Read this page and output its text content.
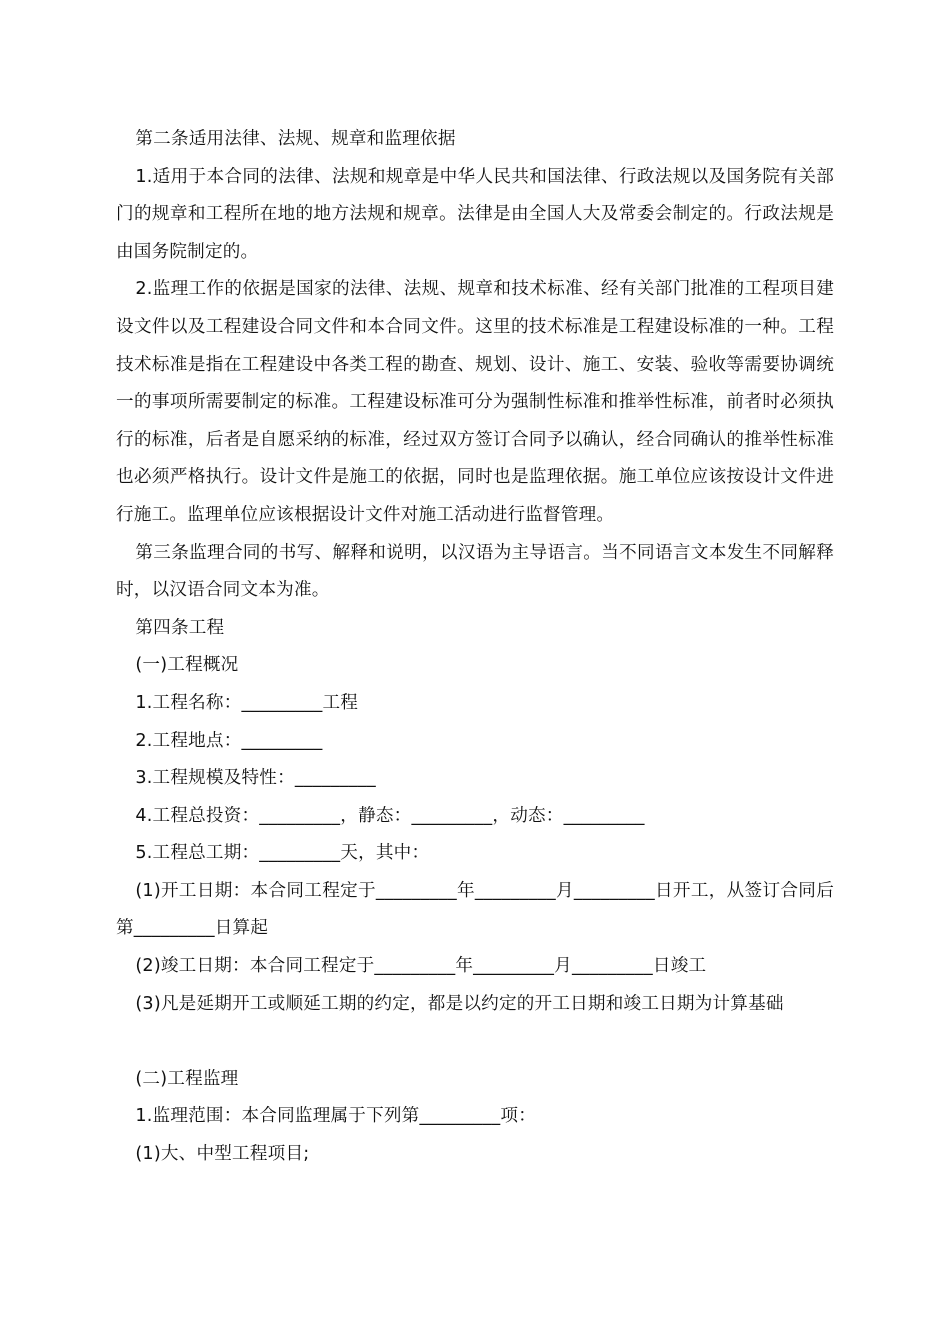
第二条适用法律、法规、规章和监理依据

1.适用于本合同的法律、法规和规章是中华人民共和国法律、行政法规以及国务院有关部门的规章和工程所在地的地方法规和规章。法律是由全国人大及常委会制定的。行政法规是由国务院制定的。

2.监理工作的依据是国家的法律、法规、规章和技术标准、经有关部门批准的工程项目建设文件以及工程建设合同文件和本合同文件。这里的技术标准是工程建设标准的一种。工程技术标准是指在工程建设中各类工程的勘查、规划、设计、施工、安装、验收等需要协调统一的事项所需要制定的标准。工程建设标准可分为强制性标准和推举性标准，前者时必须执行的标准，后者是自愿采纳的标准，经过双方签订合同予以确认，经合同确认的推举性标准也必须严格执行。设计文件是施工的依据，同时也是监理依据。施工单位应该按设计文件进行施工。监理单位应该根据设计文件对施工活动进行监督管理。

第三条监理合同的书写、解释和说明，以汉语为主导语言。当不同语言文本发生不同解释时，以汉语合同文本为准。

第四条工程

(一)工程概况

1.工程名称：_________工程

2.工程地点：_________

3.工程规模及特性：_________

4.工程总投资：_________，静态：_________，动态：_________

5.工程总工期：_________天，其中：

(1)开工日期：本合同工程定于_________年_________月_________日开工，从签订合同后第_________日算起

(2)竣工日期：本合同工程定于_________年_________月_________日竣工

(3)凡是延期开工或顺延工期的约定，都是以约定的开工日期和竣工日期为计算基础

(二)工程监理

1.监理范围：本合同监理属于下列第_________项：

(1)大、中型工程项目;
